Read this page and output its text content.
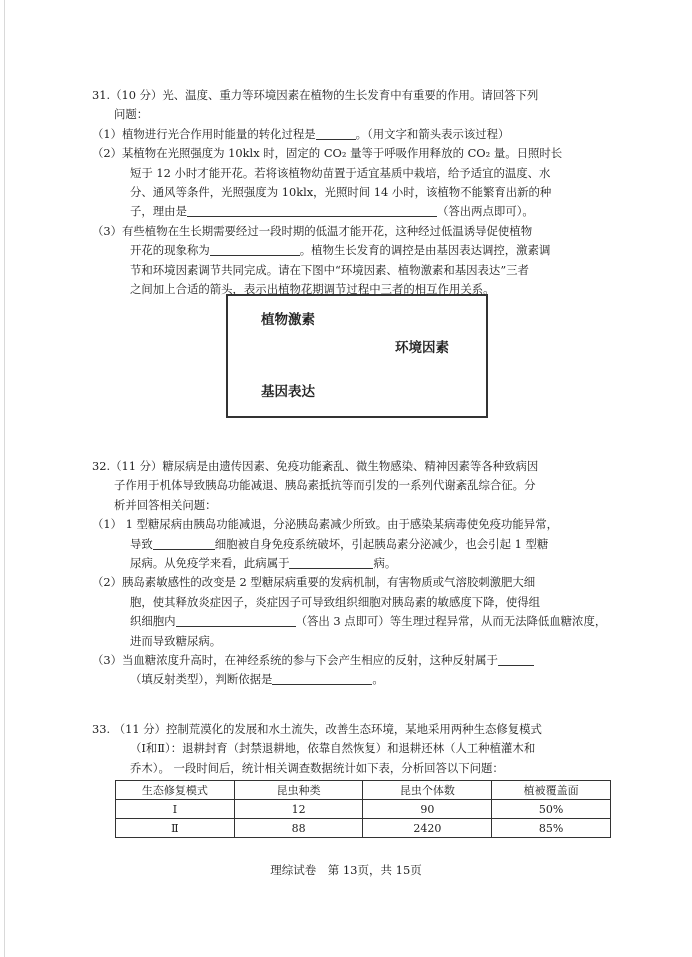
31.（10 分）光、温度、重力等环境因素在植物的生长发育中有重要的作用。请回答下列

问题：

（1）植物进行光合作用时能量的转化过程是	。（用文字和箭头表示该过程）

（2）某植物在光照强度为 10klx 时，固定的 CO₂ 量等于呼吸作用释放的 CO₂ 量。日照时长

短于 12 小时才能开花。若将该植物幼苗置于适宜基质中栽培，给予适宜的温度、水

分、通风等条件，光照强度为 10klx，光照时间 14 小时，该植物不能繁育出新的种

子，理由是	（答出两点即可）。

（3）有些植物在生长期需要经过一段时期的低温才能开花，这种经过低温诱导促使植物

开花的现象称为	。植物生长发育的调控是由基因表达调控，激素调

节和环境因素调节共同完成。请在下图中“环境因素、植物激素和基因表达”三者

之间加上合适的箭头，表示出植物花期调节过程中三者的相互作用关系。

植物激素
环境因素
基因表达

32.（11 分）糖尿病是由遗传因素、免疫功能紊乱、微生物感染、精神因素等各种致病因

子作用于机体导致胰岛功能减退、胰岛素抵抗等而引发的一系列代谢紊乱综合征。分

析并回答相关问题：

（1） 1 型糖尿病由胰岛功能减退，分泌胰岛素减少所致。由于感染某病毒使免疫功能异常，

导致	细胞被自身免疫系统破坏，引起胰岛素分泌减少，也会引起 1 型糖

尿病。从免疫学来看，此病属于	病。

（2）胰岛素敏感性的改变是 2 型糖尿病重要的发病机制，有害物质或气溶胶刺激肥大细

胞，使其释放炎症因子，炎症因子可导致组织细胞对胰岛素的敏感度下降，使得组

织细胞内	（答出 3 点即可）等生理过程异常，从而无法降低血糖浓度，

进而导致糖尿病。

（3）当血糖浓度升高时，在神经系统的参与下会产生相应的反射，这种反射属于

（填反射类型），判断依据是	。

33. （11 分）控制荒漠化的发展和水土流失，改善生态环境，某地采用两种生态修复模式

（Ⅰ和Ⅱ）：退耕封育（封禁退耕地，依靠自然恢复）和退耕还林（人工种植灌木和

乔木）。 一段时间后，统计相关调查数据统计如下表，分析回答以下问题：

生态修复模式	昆虫种类	昆虫个体数	植被覆盖面
Ⅰ	12	90	50%
Ⅱ	88	2420	85%
理综试卷　第 13页，共 15页
